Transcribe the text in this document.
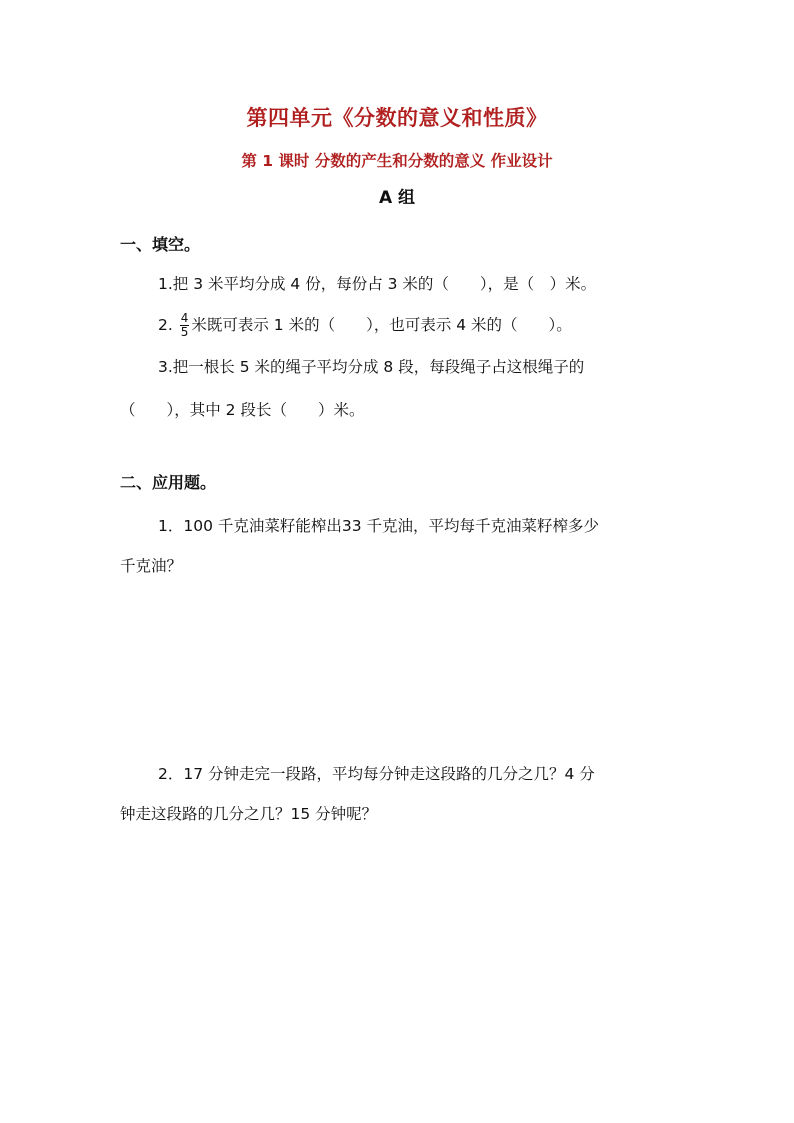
第四单元《分数的意义和性质》
第 1 课时 分数的产生和分数的意义 作业设计
A 组
一、填空。
1.把 3 米平均分成 4 份，每份占 3 米的（　　），是（　）米。
2. $\frac{4}{5}$ 米既可表示 1 米的（　　），也可表示 4 米的（　　）。
3.把一根长 5 米的绳子平均分成 8 段，每段绳子占这根绳子的
（　　），其中 2 段长（　　）米。
二、应用题。
1．100 千克油菜籽能榨出33 千克油，平均每千克油菜籽榨多少
千克油？
2．17 分钟走完一段路，平均每分钟走这段路的几分之几？4 分
钟走这段路的几分之几？15 分钟呢？
